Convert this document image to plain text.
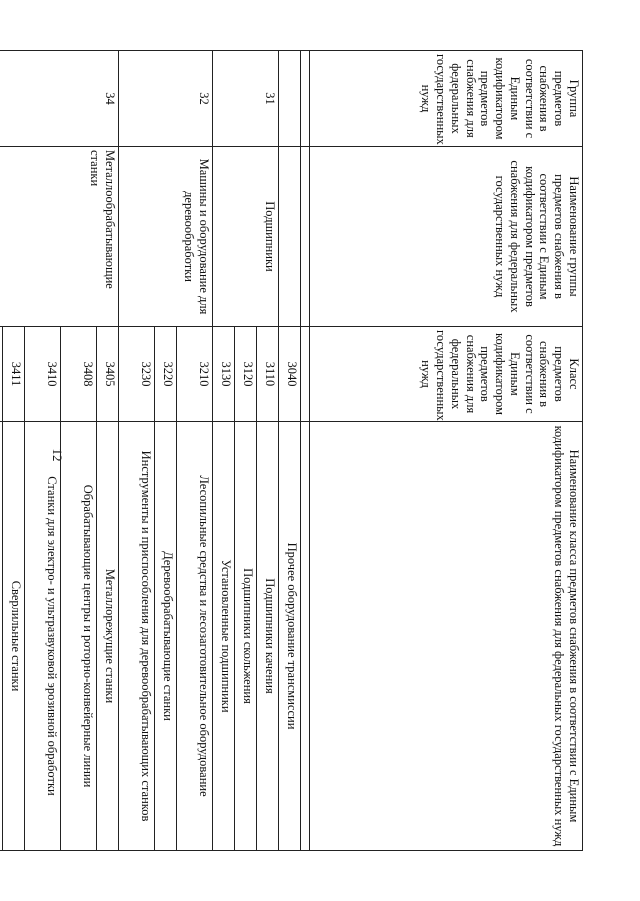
12
Группа предметов снабжения в соответствии с Единым кодификатором предметов снабжения для федеральных государственных нужд	Наименование группы предметов снабжения в соответствии с Единым кодификатором предметов снабжения для федеральных государственных нужд	Класс предметов снабжения в соответствии с Единым кодификатором предметов снабжения для федеральных государственных нужд	Наименование класса предметов снабжения в соответствии с Единым кодификатором предметов снабжения для федеральных государственных нужд

		3040	Прочее оборудование трансмиссии
31	Подшипники	3110	Подшипники качения
		3120	Подшипники скольжения
		3130	Установленные подшипники
32	Машины и оборудование для деревообработки	3210	Лесопильные средства и лесозаготовительное оборудование
		3220	Деревообрабатывающие станки
		3230	Инструменты и приспособления для деревообрабатывающих станков
34	Металлообрабатывающие станки	3405	Металлорежущие станки
		3408	Обрабатывающие центры и роторно-конвейерные линии
		3410	Станки для электро- и ультразвуковой эрозивной обработки
		3411	Сверлильные станки
